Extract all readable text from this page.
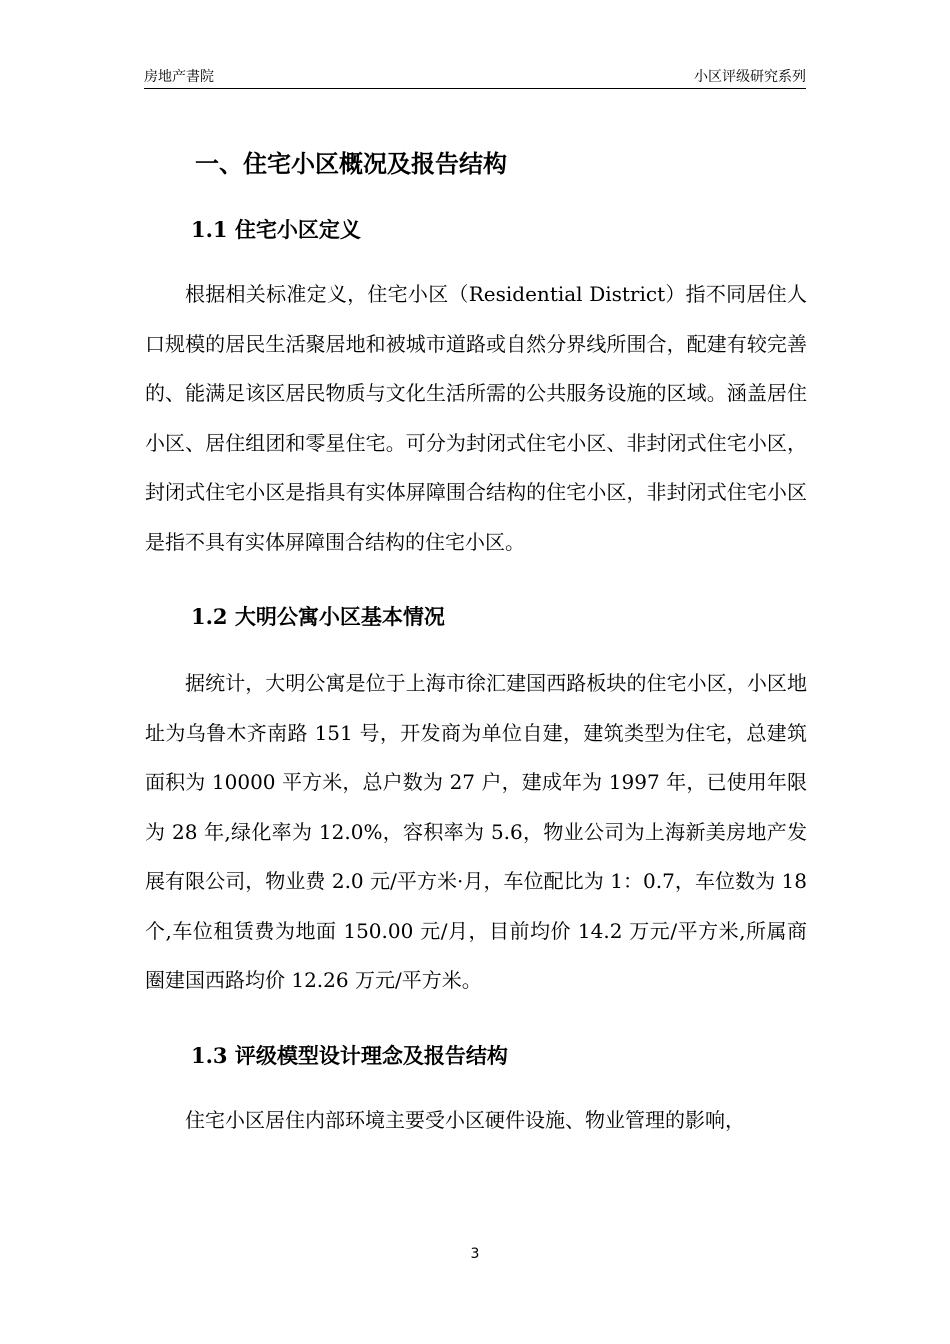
房地产書院	小区评级研究系列
一、住宅小区概况及报告结构
1.1 住宅小区定义

根据相关标准定义，住宅小区（Residential District）指不同居住人口规模的居民生活聚居地和被城市道路或自然分界线所围合，配建有较完善的、能满足该区居民物质与文化生活所需的公共服务设施的区域。涵盖居住小区、居住组团和零星住宅。可分为封闭式住宅小区、非封闭式住宅小区，封闭式住宅小区是指具有实体屏障围合结构的住宅小区，非封闭式住宅小区是指不具有实体屏障围合结构的住宅小区。

1.2 大明公寓小区基本情况

据统计，大明公寓是位于上海市徐汇建国西路板块的住宅小区，小区地址为乌鲁木齐南路 151 号，开发商为单位自建，建筑类型为住宅，总建筑面积为 10000 平方米，总户数为 27 户，建成年为 1997 年，已使用年限为 28 年,绿化率为 12.0%，容积率为 5.6，物业公司为上海新美房地产发展有限公司，物业费 2.0 元/平方米·月，车位配比为 1：0.7，车位数为 18 个,车位租赁费为地面 150.00 元/月，目前均价 14.2 万元/平方米,所属商圈建国西路均价 12.26 万元/平方米。

1.3 评级模型设计理念及报告结构

住宅小区居住内部环境主要受小区硬件设施、物业管理的影响，

3
